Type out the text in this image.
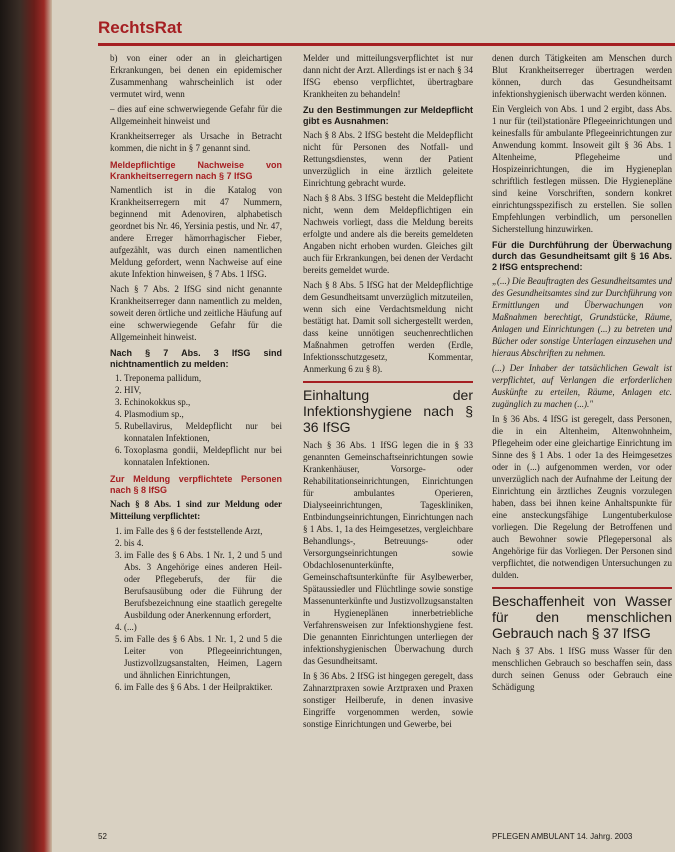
RechtsRat

b) von einer oder an in gleichartigen Erkrankungen, bei denen ein epidemischer Zusammenhang wahrscheinlich ist oder vermutet wird, wenn

– dies auf eine schwerwiegende Gefahr für die Allgemeinheit hinweist und

Krankheitserreger als Ursache in Betracht kommen, die nicht in § 7 genannt sind.

Meldepflichtige Nachweise von Krankheitserregern nach § 7 IfSG

Namentlich ist in die Katalog von Krankheitserregern mit 47 Nummern, beginnend mit Adenoviren, alphabetisch geordnet bis Nr. 46, Yersinia pestis, und Nr. 47, andere Erreger hämorrhagischer Fieber, aufgezählt, was durch einen namentlichen Meldung gefordert, wenn Nachweise auf eine akute Infektion hinweisen, § 7 Abs. 1 IfSG.

Nach § 7 Abs. 2 IfSG sind nicht genannte Krankheitserreger dann namentlich zu melden, soweit deren örtliche und zeitliche Häufung auf eine schwerwiegende Gefahr für die Allgemeinheit hinweist.

Nach § 7 Abs. 3 IfSG sind nichtnamentlich zu melden:
1. Treponema pallidum,
2. HIV,
3. Echinokokkus sp.,
4. Plasmodium sp.,
5. Rubellavirus, Meldepflicht nur bei konnatalen Infektionen,
6. Toxoplasma gondii, Meldepflicht nur bei konnatalen Infektionen.
Zur Meldung verpflichtete Personen nach § 8 IfSG

Nach § 8 Abs. 1 sind zur Meldung oder Mitteilung verpflichtet:

1. im Falle des § 6 der feststellende Arzt,
2. bis 4.
3. im Falle des § 6 Abs. 1 Nr. 1, 2 und 5 und Abs. 3 Angehörige eines anderen Heil- oder Pflegeberufs, der für die Berufsausübung oder die Führung der Berufsbezeichnung eine staatlich geregelte Ausbildung oder Anerkennung erfordert,
4. (...)
5. im Falle des § 6 Abs. 1 Nr. 1, 2 und 5 die Leiter von Pflegeeinrichtungen, Justizvollzugsanstalten, Heimen, Lagern und ähnlichen Einrichtungen,
6. im Falle des § 6 Abs. 1 der Heilpraktiker.

Melder und mitteilungsverpflichtet ist nur dann nicht der Arzt. Allerdings ist er nach § 34 IfSG ebenso verpflichtet, übertragbare Krankheiten zu behandeln!

Zu den Bestimmungen zur Meldepflicht gibt es Ausnahmen:

Nach § 8 Abs. 2 IfSG besteht die Meldepflicht nicht für Personen des Notfall- und Rettungsdienstes, wenn der Patient unverzüglich in eine ärztlich geleitete Einrichtung gebracht wurde.

Nach § 8 Abs. 3 IfSG besteht die Meldepflicht nicht, wenn dem Meldepflichtigen ein Nachweis vorliegt, dass die Meldung bereits erfolgte und andere als die bereits gemeldeten Angaben nicht erhoben wurden. Gleiches gilt auch für Erkrankungen, bei denen der Verdacht bereits gemeldet wurde.

Nach § 8 Abs. 5 IfSG hat der Meldepflichtige dem Gesundheitsamt unverzüglich mitzuteilen, wenn sich eine Verdachtsmeldung nicht bestätigt hat. Damit soll sichergestellt werden, dass keine unnötigen seuchenrechtlichen Maßnahmen getroffen werden (Erdle, Infektionsschutzgesetz, Kommentar, Anmerkung 6 zu § 8).

Einhaltung der Infektionshygiene nach § 36 IfSG

Nach § 36 Abs. 1 IfSG legen die in § 33 genannten Gemeinschaftseinrichtungen sowie Krankenhäuser, Vorsorge- oder Rehabilitationseinrichtungen, Einrichtungen für ambulantes Operieren, Dialyseeinrichtungen, Tageskliniken, Entbindungseinrichtungen, Einrichtungen nach § 1 Abs. 1, 1a des Heimgesetzes, vergleichbare Behandlungs-, Betreuungs- oder Versorgungseinrichtungen sowie Obdachlosenunterkünfte, Gemeinschaftsunterkünfte für Asylbewerber, Spätaussiedler und Flüchtlinge sowie sonstige Massenunterkünfte und Justizvollzugsanstalten in Hygieneplänen innerbetriebliche Verfahrensweisen zur Infektionshygiene fest. Die genannten Einrichtungen unterliegen der infektionshygienischen Überwachung durch das Gesundheitsamt.

In § 36 Abs. 2 IfSG ist hingegen geregelt, dass Zahnarztpraxen sowie Arztpraxen und Praxen sonstiger Heilberufe, in denen invasive Eingriffe vorgenommen werden, sowie sonstige Einrichtungen und Gewerbe, bei

denen durch Tätigkeiten am Menschen durch Blut Krankheitserreger übertragen werden können, durch das Gesundheitsamt infektionshygienisch überwacht werden können.

Ein Vergleich von Abs. 1 und 2 ergibt, dass Abs. 1 nur für (teil)stationäre Pflegeeinrichtungen und keinesfalls für ambulante Pflegeeinrichtungen zur Anwendung kommt. Insoweit gilt § 36 Abs. 1 Altenheime, Pflegeheime und Hospizeinrichtungen, die im Hygieneplan schriftlich festlegen müssen. Die Hygienepläne sind keine Vorschriften, sondern konkret einrichtungsspezifisch zu erstellen. Sie sollen Empfehlungen verbindlich, um personellen Sicherstellung hinzuwirken.

Für die Durchführung der Überwachung durch das Gesundheitsamt gilt § 16 Abs. 2 IfSG entsprechend:

„(...) Die Beauftragten des Gesundheitsamtes und des Gesundheitsamtes sind zur Durchführung von Ermittlungen und Überwachungen von Maßnahmen berechtigt, Grundstücke, Räume, Anlagen und Einrichtungen (...) zu betreten und Bücher oder sonstige Unterlagen einzusehen und hieraus Abschriften zu nehmen.

(...) Der Inhaber der tatsächlichen Gewalt ist verpflichtet, auf Verlangen die erforderlichen Auskünfte zu erteilen, Räume, Anlagen etc. zugänglich zu machen (...)."

In § 36 Abs. 4 IfSG ist geregelt, dass Personen, die in ein Altenheim, Altenwohnheim, Pflegeheim oder eine gleichartige Einrichtung im Sinne des § 1 Abs. 1 oder 1a des Heimgesetzes oder in (...) aufgenommen werden, vor oder unverzüglich nach der Aufnahme der Leitung der Einrichtung ein ärztliches Zeugnis vorzulegen haben, dass bei ihnen keine Anhaltspunkte für eine ansteckungsfähige Lungentuberkulose vorliegen. Die Regelung der Betroffenen und auch Bewohner sowie Pflegepersonal als Angehörige für das Vorliegen. Der Personen sind verpflichtet, die notwendigen Untersuchungen zu dulden.

Beschaffenheit von Wasser für den menschlichen Gebrauch nach § 37 IfSG

Nach § 37 Abs. 1 IfSG muss Wasser für den menschlichen Gebrauch so beschaffen sein, dass durch seinen Genuss oder Gebrauch eine Schädigung

52	PFLEGEN AMBULANT 14. Jahrg. 2003
